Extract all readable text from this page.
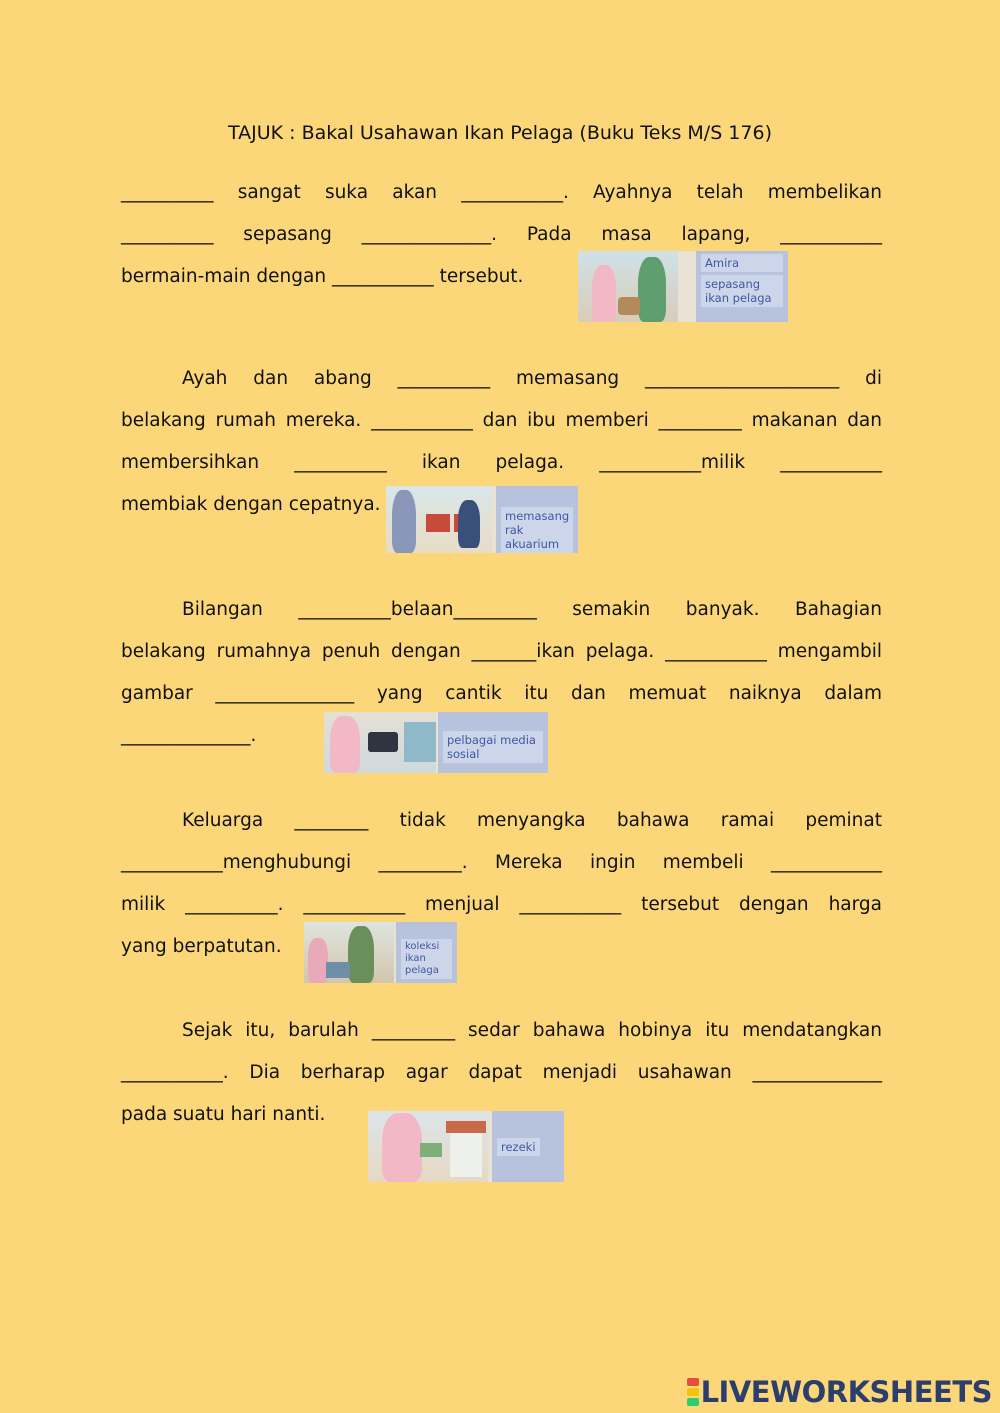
TAJUK : Bakal Usahawan Ikan Pelaga (Buku Teks M/S 176)
__________ sangat suka akan ___________. Ayahnya telah membelikan
__________ sepasang ______________. Pada masa lapang, ___________
bermain-main dengan ___________ tersebut.
Amira
sepasang ikan pelaga
Ayah dan abang __________ memasang _____________________ di
belakang rumah mereka. ___________ dan ibu memberi _________ makanan dan
membersihkan __________ ikan pelaga. ___________milik ___________
membiak dengan cepatnya.
memasang rak akuarium
Bilangan __________belaan_________ semakin banyak. Bahagian
belakang rumahnya penuh dengan _______ikan pelaga. ___________ mengambil
gambar _______________ yang cantik itu dan memuat naiknya dalam
______________.	pelbagai media sosial
Keluarga ________ tidak menyangka bahawa ramai peminat
___________menghubungi _________. Mereka ingin membeli ____________
milik __________. ___________ menjual ___________ tersebut dengan harga
yang berpatutan.	koleksi ikan pelaga
Sejak itu, barulah _________ sedar bahawa hobinya itu mendatangkan
___________. Dia berharap agar dapat menjadi usahawan ______________
pada suatu hari nanti.
rezeki
LIVEWORKSHEETS
